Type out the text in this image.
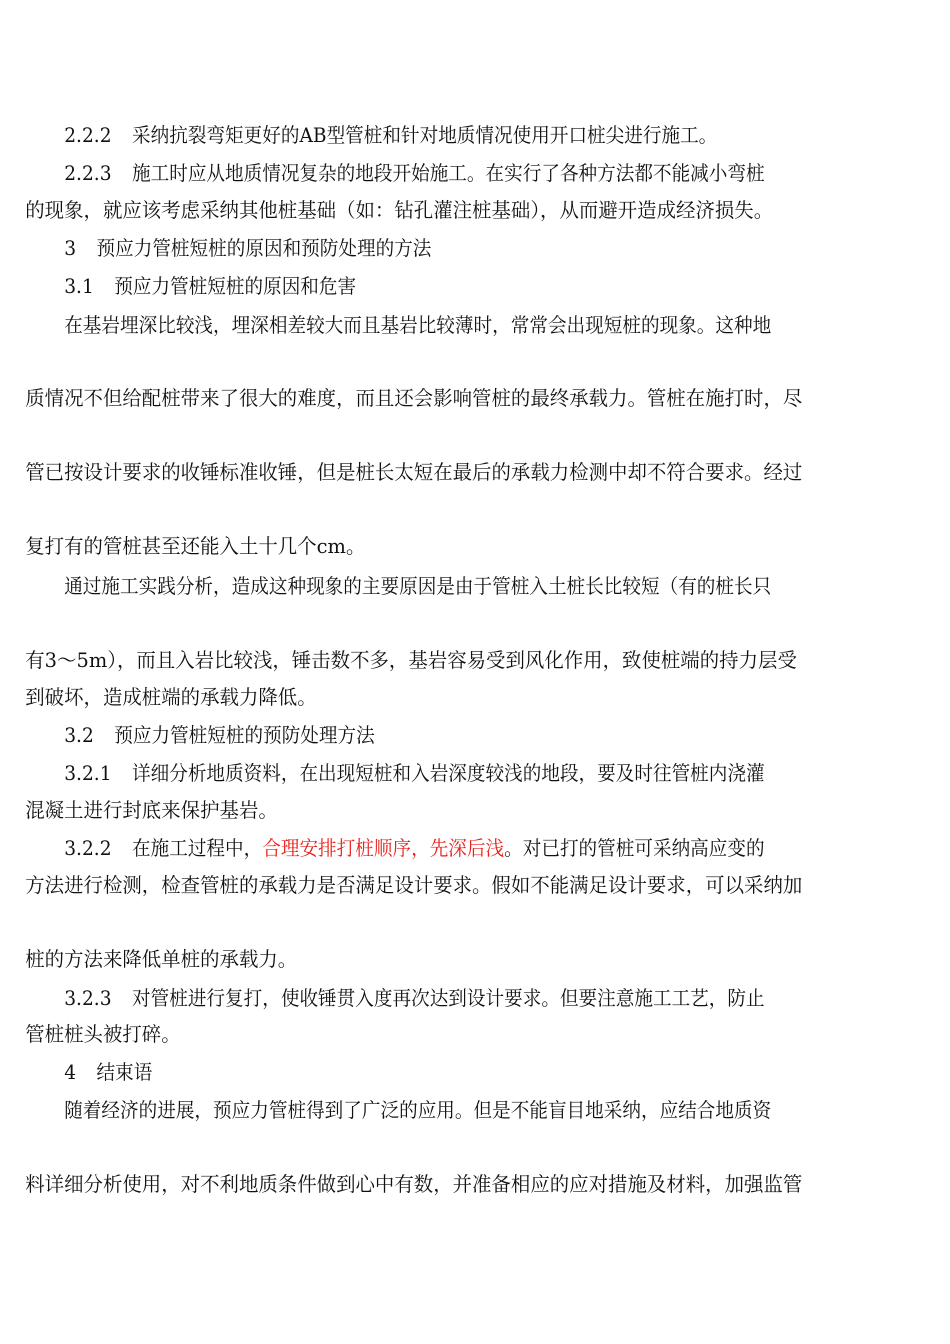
2.2.2 采纳抗裂弯矩更好的AB型管桩和针对地质情况使用开口桩尖进行施工。
2.2.3 施工时应从地质情况复杂的地段开始施工。在实行了各种方法都不能减小弯桩
的现象，就应该考虑采纳其他桩基础（如：钻孔灌注桩基础），从而避开造成经济损失。
3 预应力管桩短桩的原因和预防处理的方法
3.1 预应力管桩短桩的原因和危害
在基岩埋深比较浅，埋深相差较大而且基岩比较薄时，常常会出现短桩的现象。这种地
质情况不但给配桩带来了很大的难度，而且还会影响管桩的最终承载力。管桩在施打时，尽
管已按设计要求的收锤标准收锤，但是桩长太短在最后的承载力检测中却不符合要求。经过
复打有的管桩甚至还能入土十几个cm。
通过施工实践分析，造成这种现象的主要原因是由于管桩入土桩长比较短（有的桩长只
有3～5m），而且入岩比较浅，锤击数不多，基岩容易受到风化作用，致使桩端的持力层受
到破坏，造成桩端的承载力降低。
3.2 预应力管桩短桩的预防处理方法
3.2.1 详细分析地质资料，在出现短桩和入岩深度较浅的地段，要及时往管桩内浇灌
混凝土进行封底来保护基岩。
3.2.2 在施工过程中，合理安排打桩顺序，先深后浅。对已打的管桩可采纳高应变的
方法进行检测，检查管桩的承载力是否满足设计要求。假如不能满足设计要求，可以采纳加
桩的方法来降低单桩的承载力。
3.2.3 对管桩进行复打，使收锤贯入度再次达到设计要求。但要注意施工工艺，防止
管桩桩头被打碎。
4 结束语
随着经济的进展，预应力管桩得到了广泛的应用。但是不能盲目地采纳，应结合地质资
料详细分析使用，对不利地质条件做到心中有数，并准备相应的应对措施及材料，加强监管
